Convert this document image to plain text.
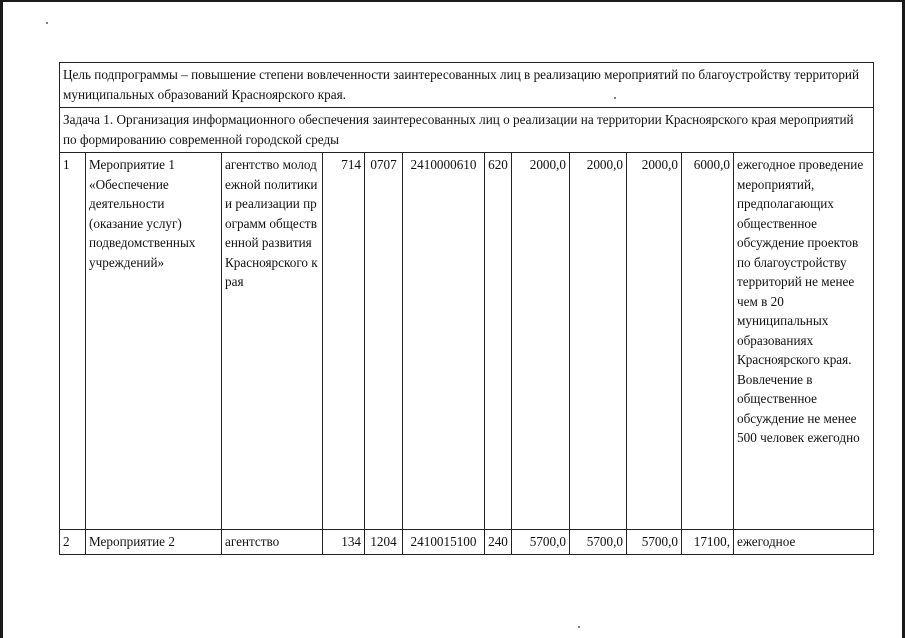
Цель подпрограммы – повышение степени вовлеченности заинтересованных лиц в реализацию мероприятий по благоустройству территорий муниципальных образований Красноярского края.											
Задача 1. Организация информационного обеспечения заинтересованных лиц о реализации на территории Красноярского края мероприятий по формированию современной городской среды											
1	Мероприятие 1 «Обеспечение деятельности (оказание услуг) подведомственных учреждений»	агентство молодежной политики и реализации программ общественной развития Красноярского края	714	0707	2410000610	620	2000,0	2000,0	2000,0	6000,0	ежегодное проведение мероприятий, предполагающих общественное обсуждение проектов по благоустройству территорий не менее чем в 20 муниципальных образованиях Красноярского края. Вовлечение в общественное обсуждение не менее 500 человек ежегодно
2	Мероприятие 2	агентство	134	1204	2410015100	240	5700,0	5700,0	5700,0	17100,	ежегодное
